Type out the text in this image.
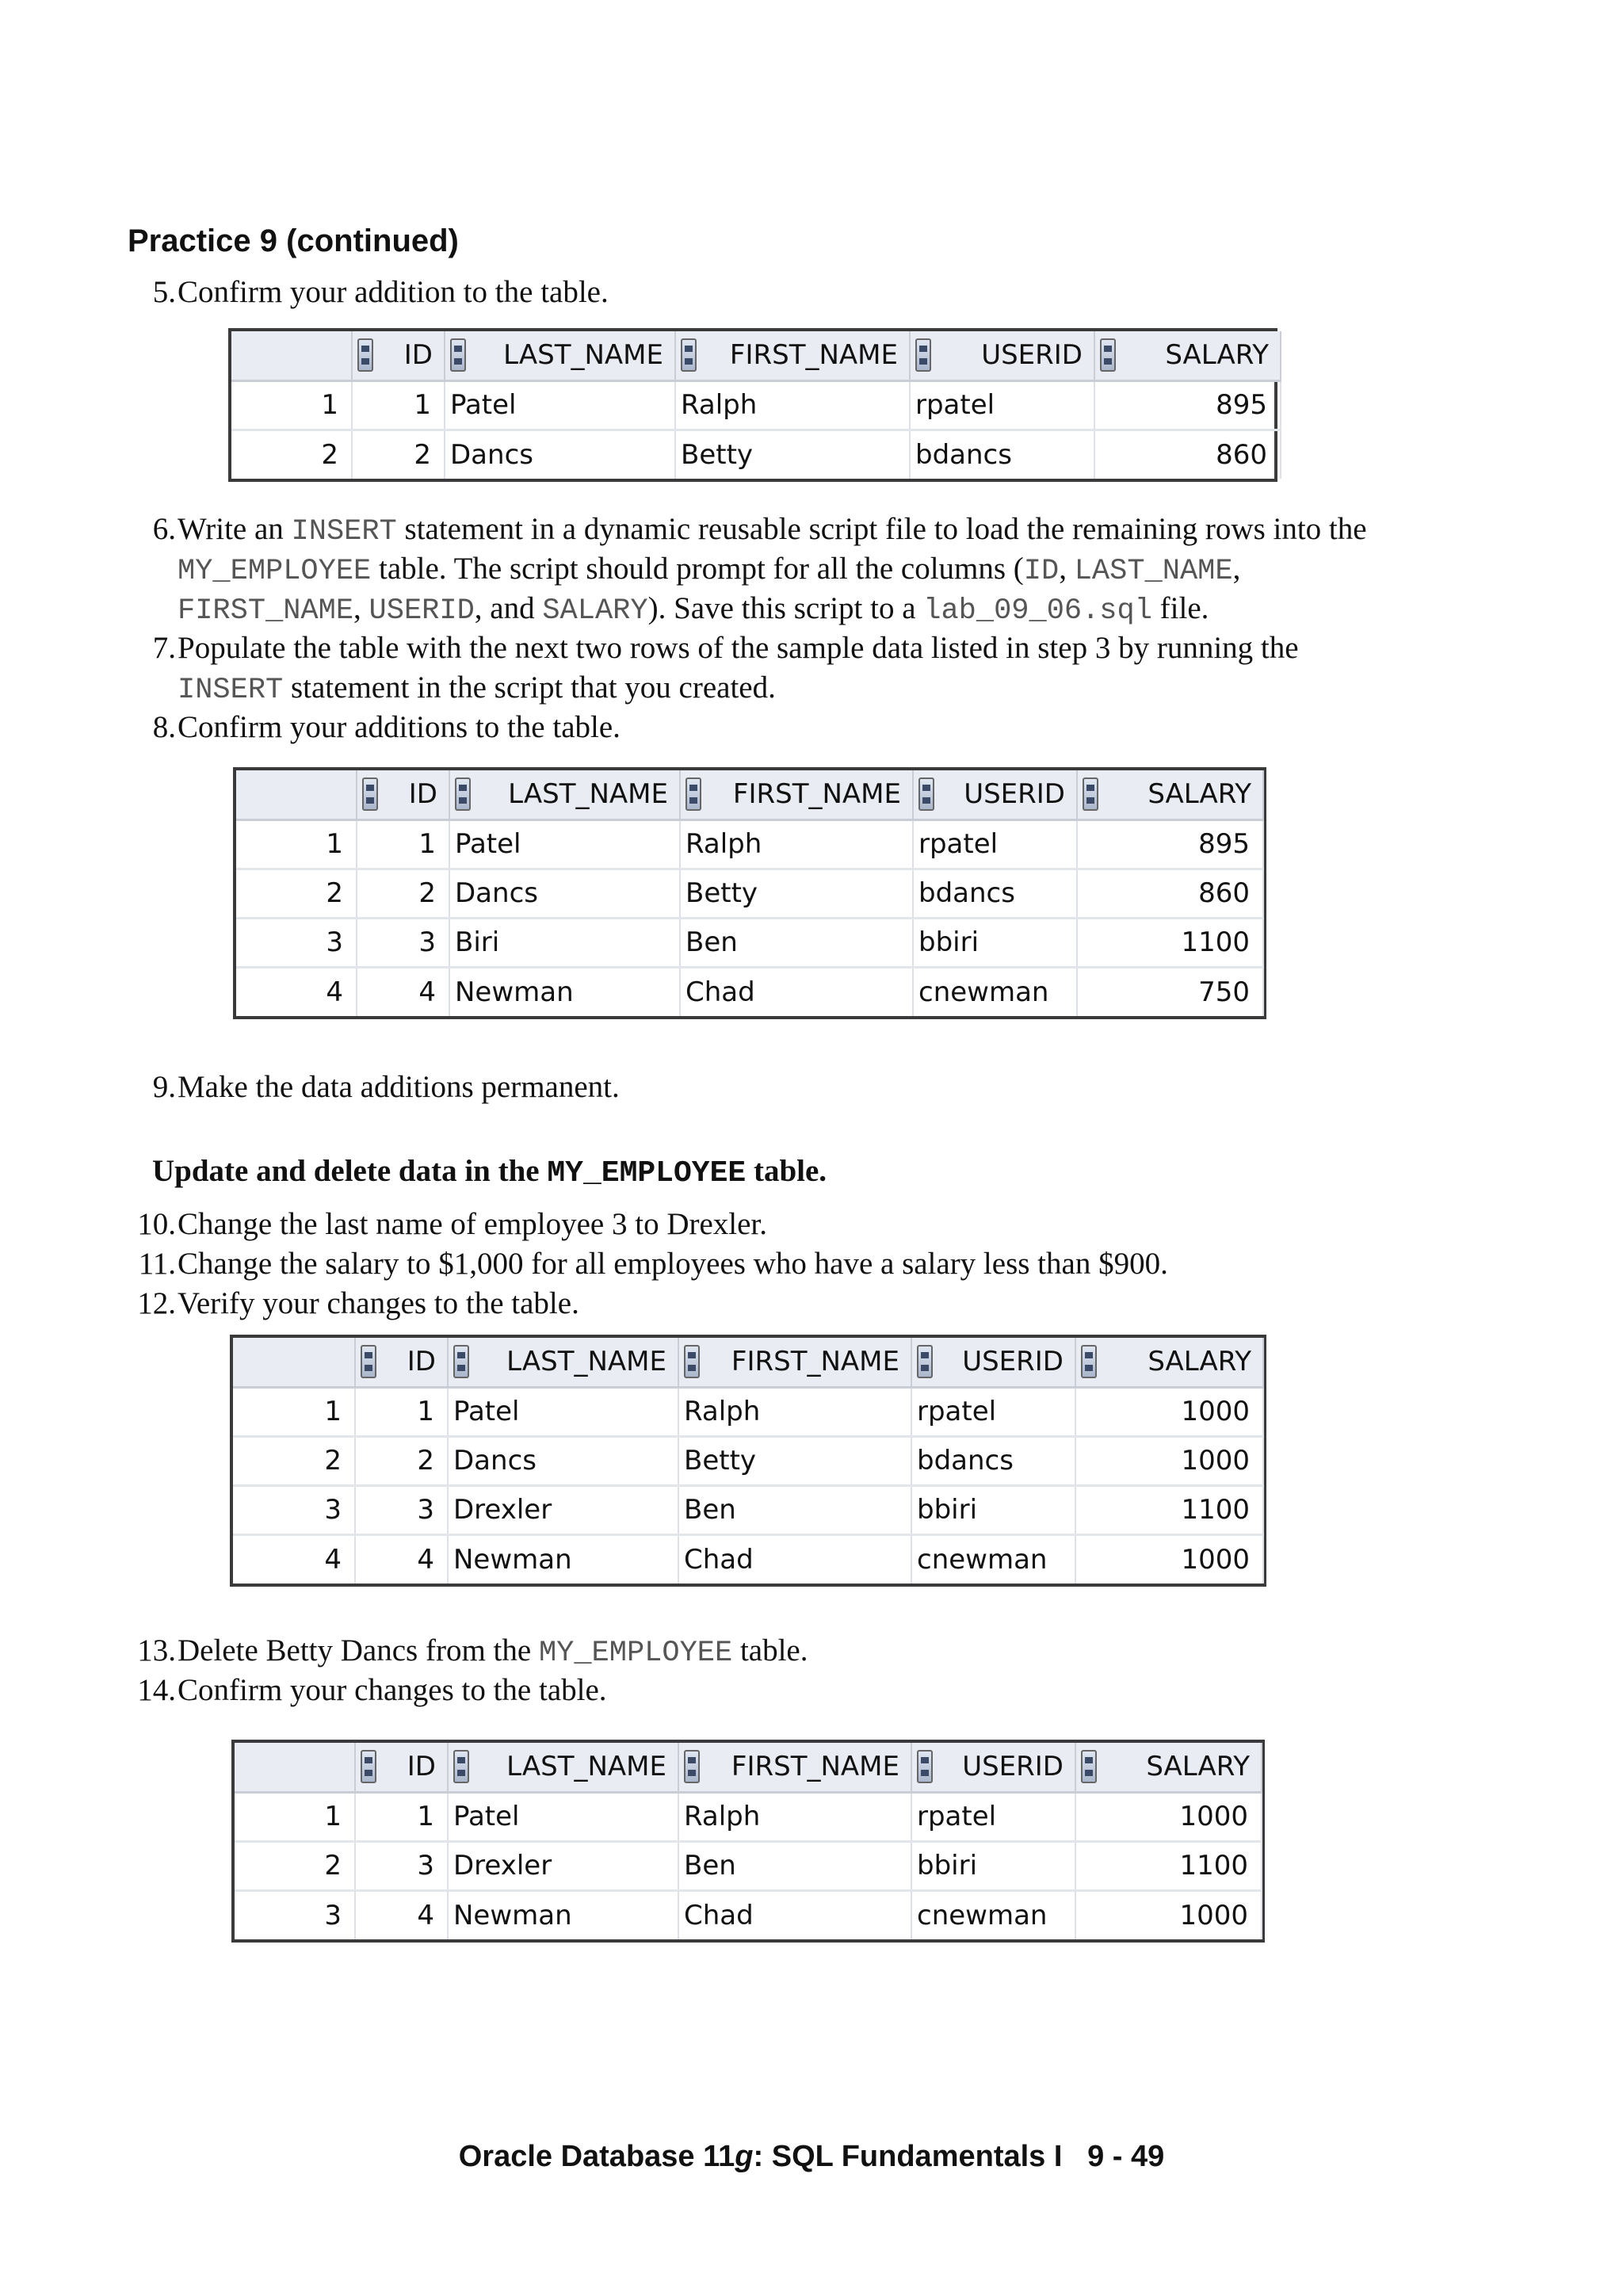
Practice 9 (continued)
5. Confirm your addition to the table.

	ID	LAST_NAME	FIRST_NAME	USERID	SALARY

1	1	Patel	Ralph	rpatel	895
2	2	Dancs	Betty	bdancs	860
6. Write an INSERT statement in a dynamic reusable script file to load the remaining rows into the
MY_EMPLOYEE table. The script should prompt for all the columns (ID, LAST_NAME,
FIRST_NAME, USERID, and SALARY). Save this script to a lab_09_06.sql file.
7. Populate the table with the next two rows of the sample data listed in step 3 by running the
INSERT statement in the script that you created.
8. Confirm your additions to the table.

	ID	LAST_NAME	FIRST_NAME	USERID	SALARY

1	1	Patel	Ralph	rpatel	895
2	2	Dancs	Betty	bdancs	860
3	3	Biri	Ben	bbiri	1100
4	4	Newman	Chad	cnewman	750
9. Make the data additions permanent.
Update and delete data in the MY_EMPLOYEE table.
10. Change the last name of employee 3 to Drexler.
11. Change the salary to $1,000 for all employees who have a salary less than $900.
12. Verify your changes to the table.

	ID	LAST_NAME	FIRST_NAME	USERID	SALARY

1	1	Patel	Ralph	rpatel	1000
2	2	Dancs	Betty	bdancs	1000
3	3	Drexler	Ben	bbiri	1100
4	4	Newman	Chad	cnewman	1000
13. Delete Betty Dancs from the MY_EMPLOYEE table.
14. Confirm your changes to the table.

	ID	LAST_NAME	FIRST_NAME	USERID	SALARY

1	1	Patel	Ralph	rpatel	1000
2	3	Drexler	Ben	bbiri	1100
3	4	Newman	Chad	cnewman	1000
Oracle Database 11g: SQL Fundamentals I   9 - 49
